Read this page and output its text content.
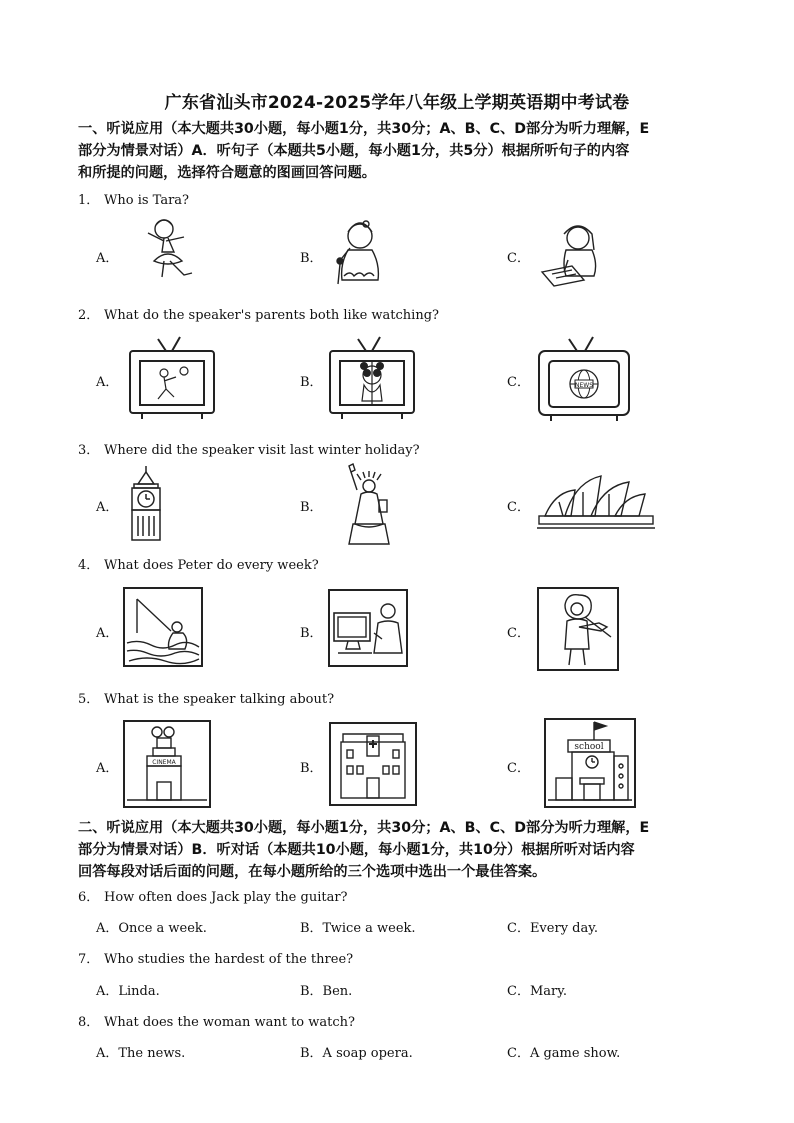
广东省汕头市2024-2025学年八年级上学期英语期中考试卷
一、听说应用（本大题共30小题，每小题1分，共30分；A、B、C、D部分为听力理解，E
部分为情景对话）A．听句子（本题共5小题，每小题1分，共5分）根据所听句子的内容
和所提的问题，选择符合题意的图画回答问题。
1． Who is Tara?
A．	B．	C．
2． What do the speaker's parents both like watching?
A．	B．	C．	NEWS
3． Where did the speaker visit last winter holiday?
A．	B．	C．
4． What does Peter do every week?
A．	B．	C．
5． What is the speaker talking about?
A．	B．	C．
CINEMA
school
二、听说应用（本大题共30小题，每小题1分，共30分；A、B、C、D部分为听力理解，E
部分为情景对话）B．听对话（本题共10小题，每小题1分，共10分）根据所听对话内容
回答每段对话后面的问题，在每小题所给的三个选项中选出一个最佳答案。
6． How often does Jack play the guitar?
A．Once a week.	B．Twice a week.	C．Every day.
7． Who studies the hardest of the three?
A．Linda.	B．Ben.	C．Mary.
8． What does the woman want to watch?
A．The news.	B．A soap opera.	C．A game show.
